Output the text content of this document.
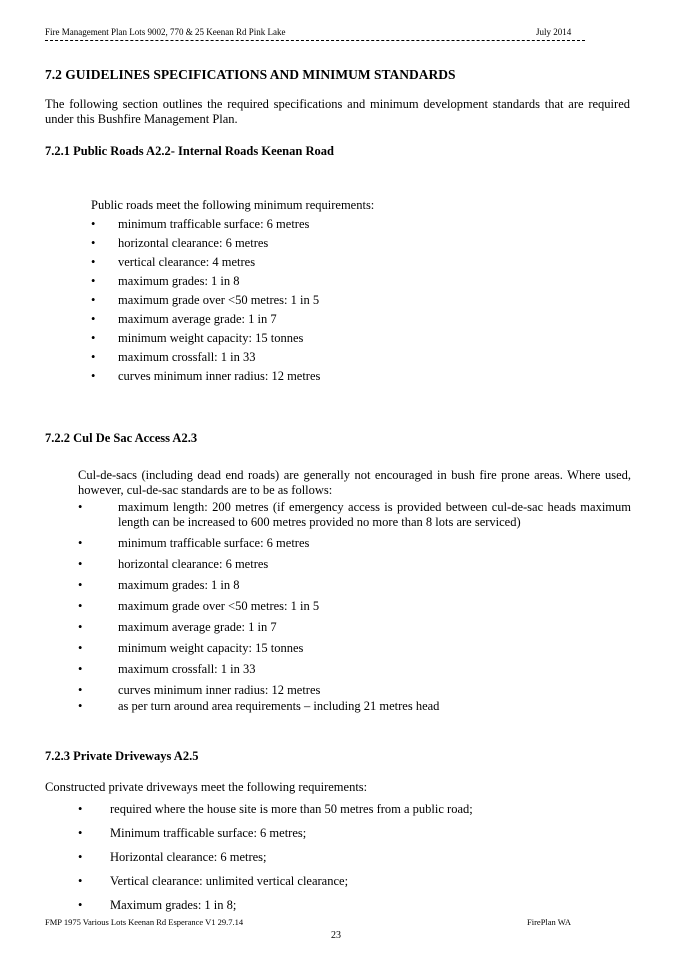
Fire Management Plan Lots 9002, 770 & 25 Keenan Rd Pink Lake	July 2014
7.2 GUIDELINES SPECIFICATIONS AND MINIMUM STANDARDS
The following section outlines the required specifications and minimum development standards that are required under this Bushfire Management Plan.
7.2.1 Public Roads A2.2- Internal Roads Keenan Road
Public roads meet the following minimum requirements:
• minimum trafficable surface: 6 metres
• horizontal clearance: 6 metres
• vertical clearance: 4 metres
• maximum grades: 1 in 8
• maximum grade over <50 metres: 1 in 5
• maximum average grade: 1 in 7
• minimum weight capacity: 15 tonnes
• maximum crossfall: 1 in 33
• curves minimum inner radius: 12 metres
7.2.2 Cul De Sac Access A2.3
Cul-de-sacs (including dead end roads) are generally not encouraged in bush fire prone areas. Where used, however, cul-de-sac standards are to be as follows:
•	maximum length: 200 metres (if emergency access is provided between cul-de-sac heads maximum length can be increased to 600 metres provided no more than 8 lots are serviced)
•	minimum trafficable surface: 6 metres
•	horizontal clearance: 6 metres
•	maximum grades: 1 in 8
•	maximum grade over <50 metres: 1 in 5
•	maximum average grade: 1 in 7
•	minimum weight capacity: 15 tonnes
•	maximum crossfall: 1 in 33
•	curves minimum inner radius: 12 metres
•	as per turn around area requirements – including 21 metres head
7.2.3 Private Driveways A2.5
Constructed private driveways meet the following requirements:
• required where the house site is more than 50 metres from a public road;
• Minimum trafficable surface: 6 metres;
• Horizontal clearance: 6 metres;
• Vertical clearance: unlimited vertical clearance;
• Maximum grades: 1 in 8;
FMP 1975 Various Lots Keenan Rd Esperance V1 29.7.14	FirePlan WA
23
